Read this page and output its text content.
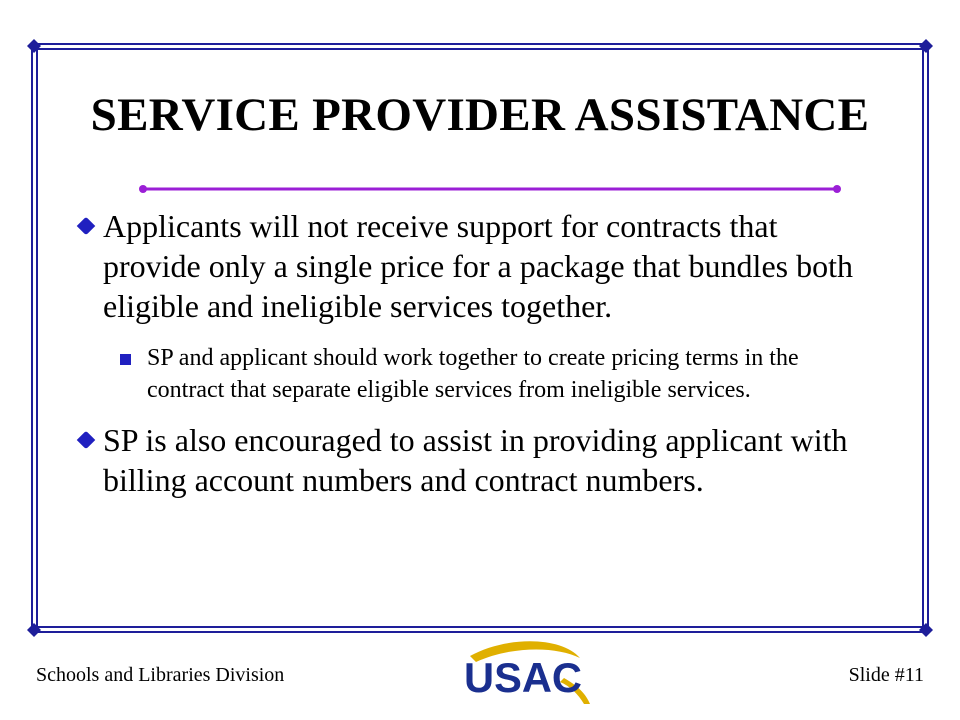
SERVICE PROVIDER ASSISTANCE
Applicants will not receive support for contracts that provide only a single price for a package that bundles both eligible and ineligible services together.
SP and applicant should work together to create pricing terms in the contract that separate eligible services from ineligible services.
SP is also encouraged to assist in providing applicant with billing account numbers and contract numbers.
Schools and Libraries Division	USAC	Slide #11
